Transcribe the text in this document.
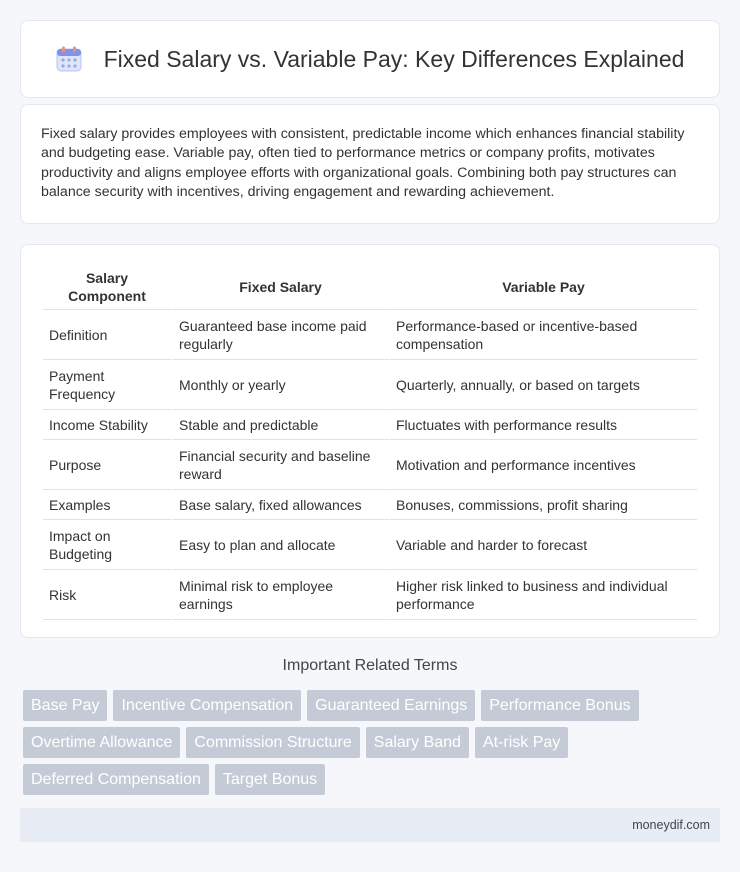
Fixed Salary vs. Variable Pay: Key Differences Explained

Fixed salary provides employees with consistent, predictable income which enhances financial stability and budgeting ease. Variable pay, often tied to performance metrics or company profits, motivates productivity and aligns employee efforts with organizational goals. Combining both pay structures can balance security with incentives, driving engagement and rewarding achievement.

Salary Component	Fixed Salary	Variable Pay
Definition	Guaranteed base income paid regularly	Performance-based or incentive-based compensation
Payment Frequency	Monthly or yearly	Quarterly, annually, or based on targets
Income Stability	Stable and predictable	Fluctuates with performance results
Purpose	Financial security and baseline reward	Motivation and performance incentives
Examples	Base salary, fixed allowances	Bonuses, commissions, profit sharing
Impact on Budgeting	Easy to plan and allocate	Variable and harder to forecast
Risk	Minimal risk to employee earnings	Higher risk linked to business and individual performance
Important Related Terms
Base Pay	Incentive Compensation	Guaranteed Earnings	Performance Bonus
Overtime Allowance	Commission Structure	Salary Band	At-risk Pay
Deferred Compensation	Target Bonus
moneydif.com
